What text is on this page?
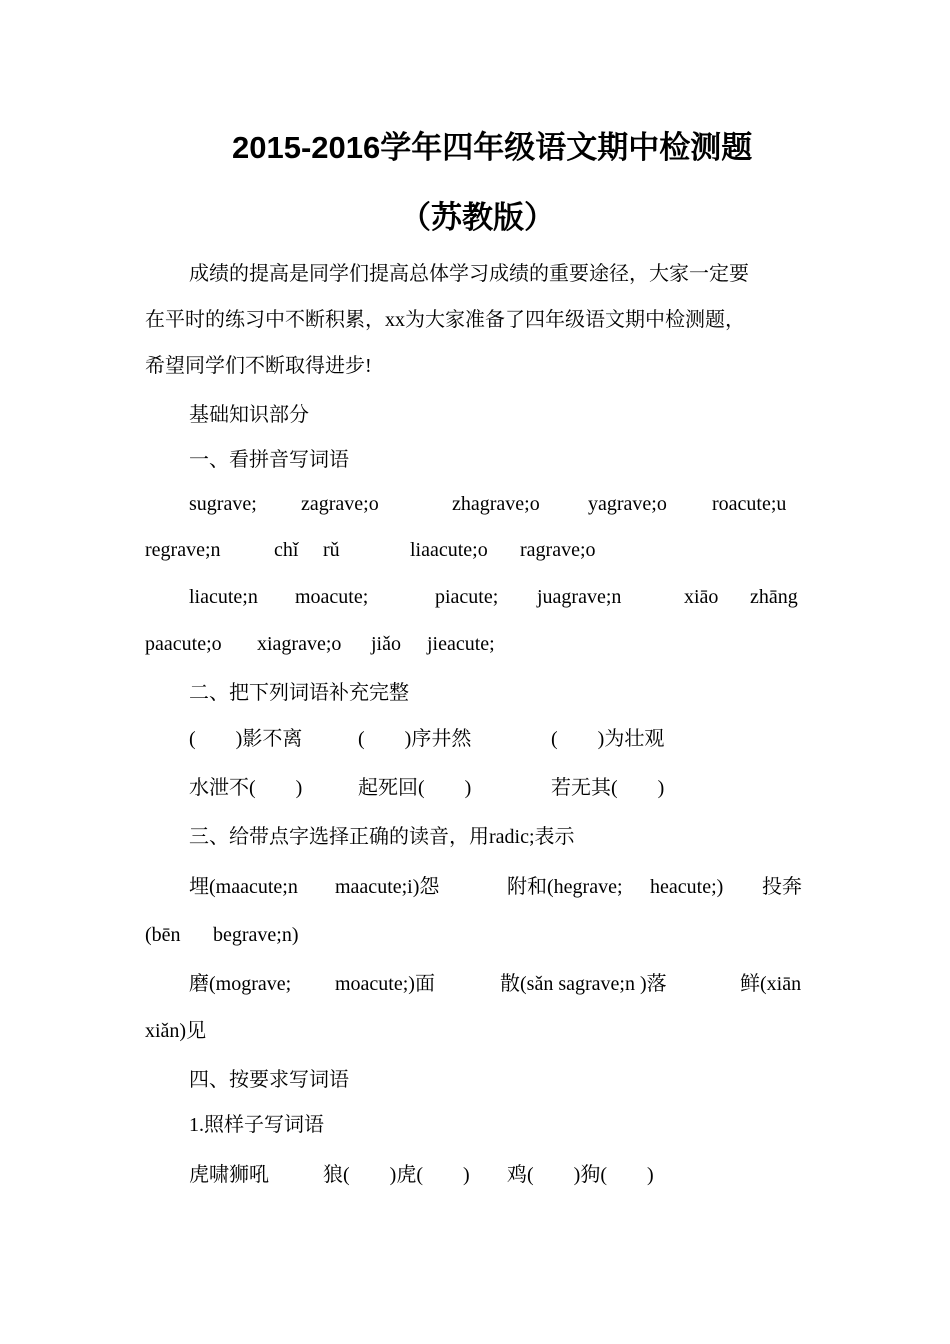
2015-2016学年四年级语文期中检测题
（苏教版）
成绩的提高是同学们提高总体学习成绩的重要途径，大家一定要
在平时的练习中不断积累，xx为大家准备了四年级语文期中检测题，
希望同学们不断取得进步!
基础知识部分
一、看拼音写词语
sugrave; zagrave;o	zhagrave;o yagrave;o roacute;u
regrave;n	chǐ rǔ	liaacute;o ragrave;o
liacute;n moacute;	piacute; juagrave;n	xiāo zhāng
paacute;o xiagrave;o jiǎo jieacute;
二、把下列词语补充完整
(　　)影不离	(　　)序井然	(　　)为壮观
水泄不(　　)	起死回(　　)	若无其(　　)
三、给带点字选择正确的读音，用radic;表示
埋(maacute;n maacute;i)怨	附和(hegrave; heacute;) 投奔
(bēn begrave;n)
磨(mograve; moacute;)面	散(sǎn sagrave;n )落	鲜(xiān
xiǎn)见
四、按要求写词语
1.照样子写词语
虎啸狮吼	狼(　　)虎(　　) 鸡(　　)狗(　　)
